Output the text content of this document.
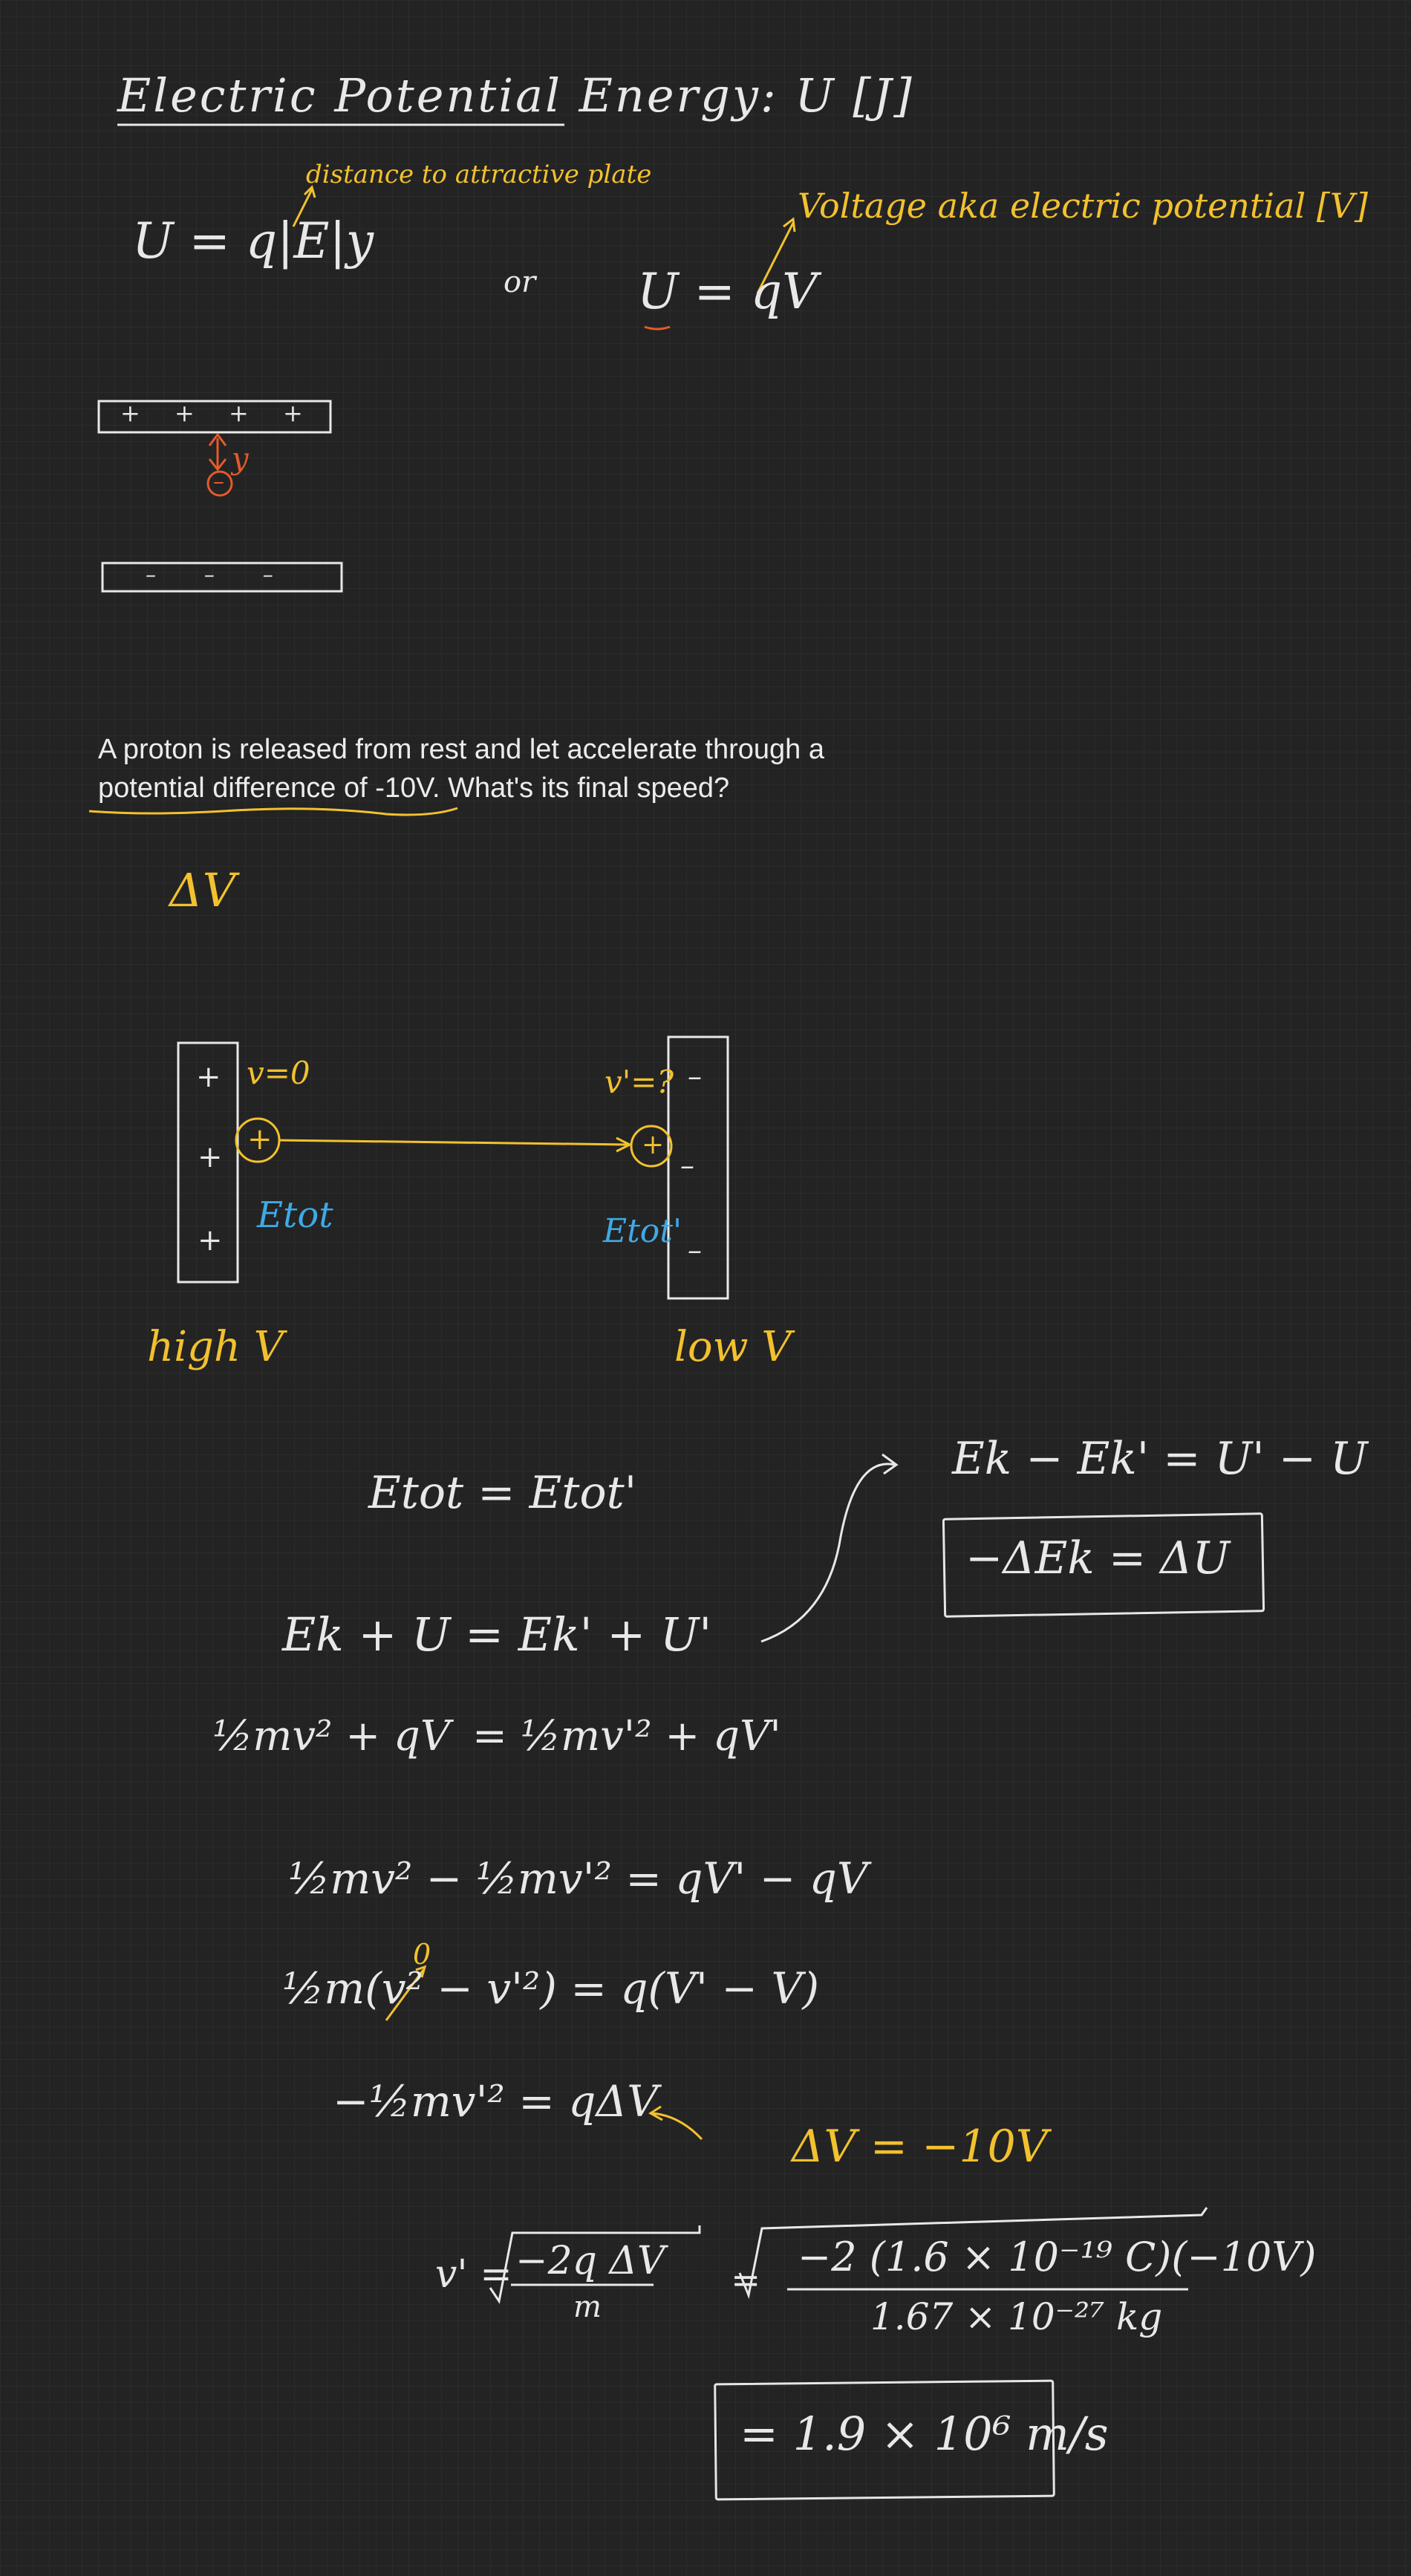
Electric Potential Energy: U [J]
U = q|E|y
distance to attractive plate
or U = qV
Voltage aka electric potential [V]
+ + + +
– – –
–
y
A proton is released from rest and let accelerate through a
potential difference of -10V. What's its final speed?
ΔV
+
+
+
–
–
–
v=0	v'=?
+	+
Etot	Etot'
high V	low V
Etot = Etot'
Ek + U = Ek' + U'
½mv² + qV = ½mv'² + qV'
½mv² − ½mv'² = qV' − qV
½m(v² − v'²) = q(V' − V)
0
−½mv'² = qΔV
Ek − Ek' = U' − U
−ΔEk = ΔU
ΔV = −10V
v' = −2q ΔV
m
= −2 (1.6 × 10⁻¹⁹ C)(−10V)
1.67 × 10⁻²⁷ kg
= 1.9 × 10⁶ m/s
